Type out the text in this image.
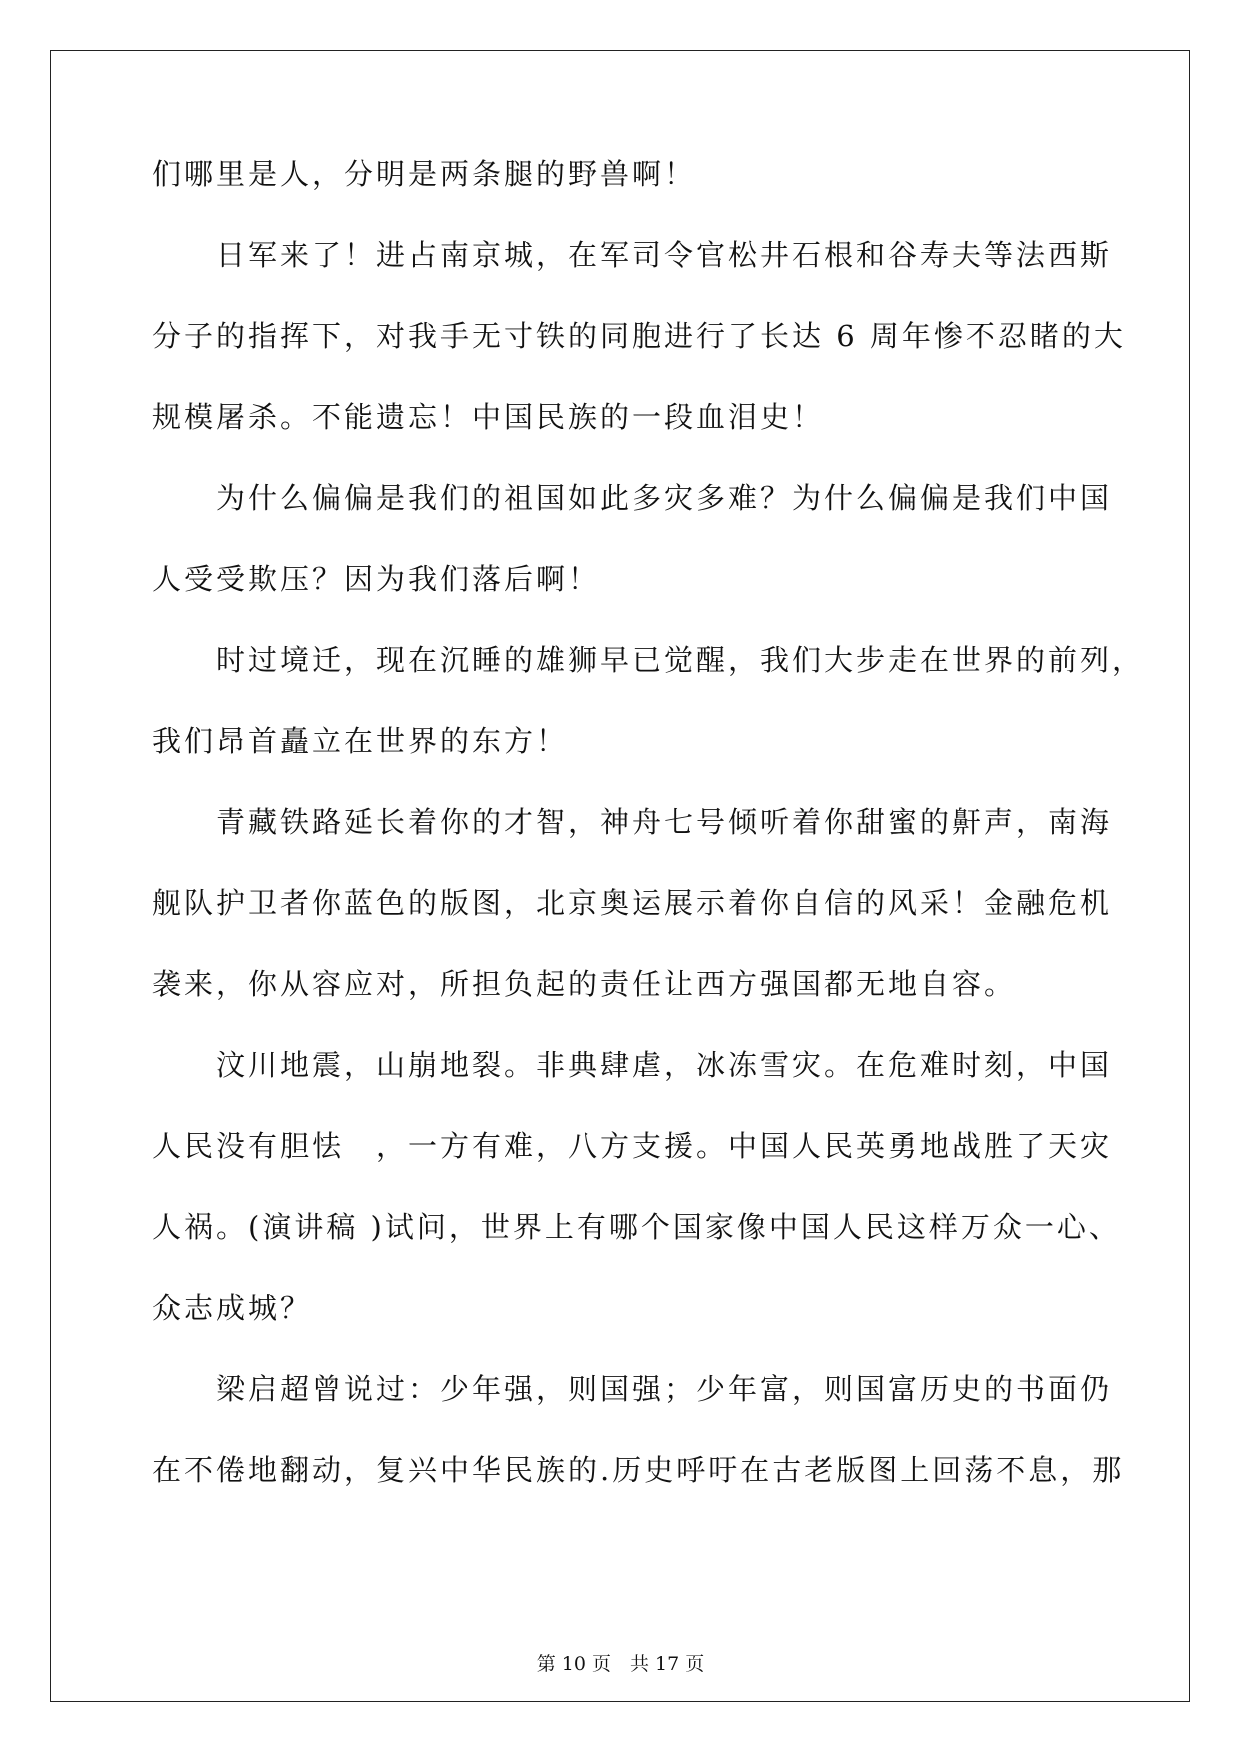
们哪里是人，分明是两条腿的野兽啊！
日军来了！进占南京城，在军司令官松井石根和谷寿夫等法西斯
分子的指挥下，对我手无寸铁的同胞进行了长达 6 周年惨不忍睹的大
规模屠杀。不能遗忘！中国民族的一段血泪史！
为什么偏偏是我们的祖国如此多灾多难？为什么偏偏是我们中国
人受受欺压？因为我们落后啊！
时过境迁，现在沉睡的雄狮早已觉醒，我们大步走在世界的前列，
我们昂首矗立在世界的东方！
青藏铁路延长着你的才智，神舟七号倾听着你甜蜜的鼾声，南海
舰队护卫者你蓝色的版图，北京奥运展示着你自信的风采！金融危机
袭来，你从容应对，所担负起的责任让西方强国都无地自容。
汶川地震，山崩地裂。非典肆虐，冰冻雪灾。在危难时刻，中国
人民没有胆怯　，一方有难，八方支援。中国人民英勇地战胜了天灾
人祸。(演讲稿 )试问，世界上有哪个国家像中国人民这样万众一心、
众志成城？
梁启超曾说过：少年强，则国强；少年富，则国富历史的书面仍
在不倦地翻动，复兴中华民族的.历史呼吁在古老版图上回荡不息，那
第 10 页　共 17 页
